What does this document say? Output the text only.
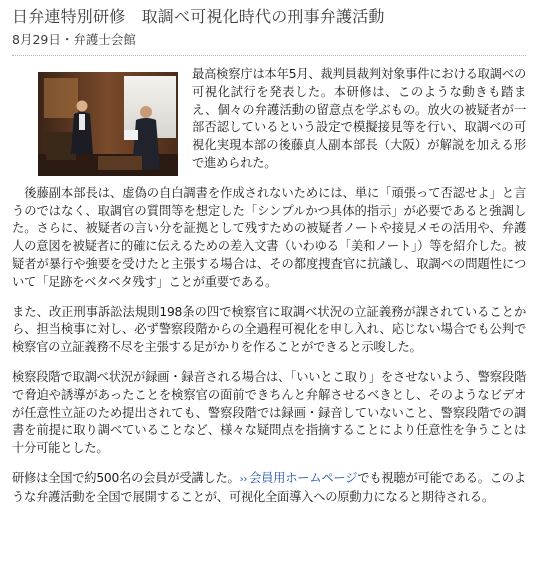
日弁連特別研修　取調べ可視化時代の刑事弁護活動
8月29日・弁護士会館

最高検察庁は本年5月、裁判員裁判対象事件における取調べの可視化試行を発表した。本研修は、このような動きも踏まえ、個々の弁護活動の留意点を学ぶもの。放火の被疑者が一部否認しているという設定で模擬接見等を行い、取調べの可視化実現本部の後藤貞人副本部長（大阪）が解説を加える形で進められた。

後藤副本部長は、虚偽の自白調書を作成されないためには、単に「頑張って否認せよ」と言うのではなく、取調官の質問等を想定した「シンプルかつ具体的指示」が必要であると強調した。さらに、被疑者の言い分を証拠として残すための被疑者ノートや接見メモの活用や、弁護人の意図を被疑者に的確に伝えるための差入文書（いわゆる「美和ノート」）等を紹介した。被疑者が暴行や強要を受けたと主張する場合は、その都度捜査官に抗議し、取調べの問題性について「足跡をベタベタ残す」ことが重要である。

また、改正刑事訴訟法規則198条の四で検察官に取調べ状況の立証義務が課されていることから、担当検事に対し、必ず警察段階からの全過程可視化を申し入れ、応じない場合でも公判で検察官の立証義務不尽を主張する足がかりを作ることができると示唆した。

検察段階で取調べ状況が録画・録音される場合は、「いいとこ取り」をさせないよう、警察段階で脅迫や誘導があったことを検察官の面前できちんと弁解させるべきとし、そのようなビデオが任意性立証のため提出されても、警察段階では録画・録音していないこと、警察段階での調書を前提に取り調べていることなど、様々な疑問点を指摘することにより任意性を争うことは十分可能とした。

研修は全国で約500名の会員が受講した。›› 会員用ホームページでも視聴が可能である。このような弁護活動を全国で展開することが、可视化全面導入への原動力になると期待される。
